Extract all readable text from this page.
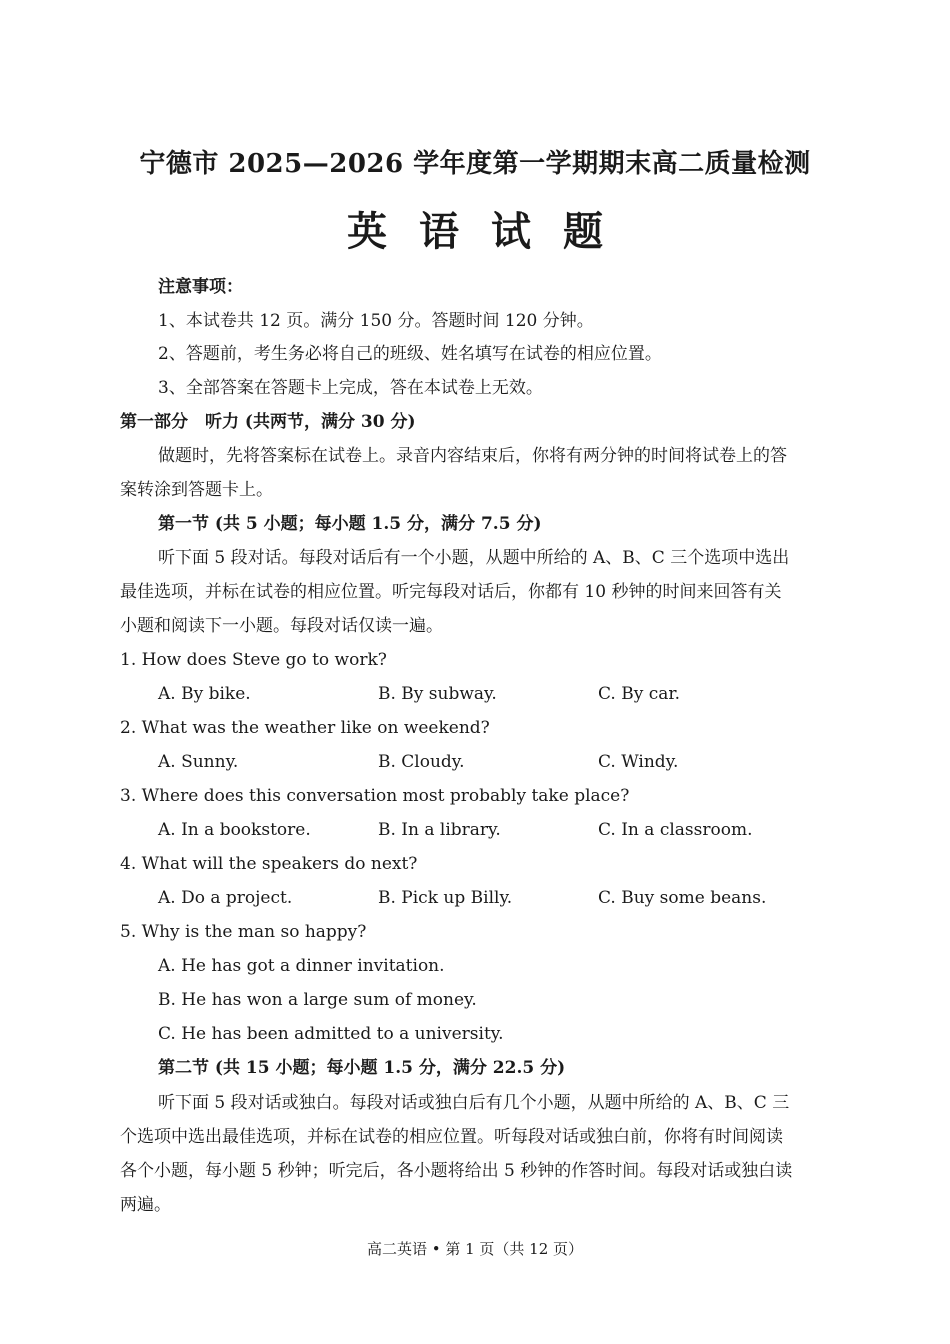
宁德市 2025—2026 学年度第一学期期末高二质量检测
英语试题
注意事项：
1、本试卷共 12 页。满分 150 分。答题时间 120 分钟。
2、答题前，考生务必将自己的班级、姓名填写在试卷的相应位置。
3、全部答案在答题卡上完成，答在本试卷上无效。
第一部分　听力 (共两节，满分 30 分)
做题时，先将答案标在试卷上。录音内容结束后，你将有两分钟的时间将试卷上的答
案转涂到答题卡上。
第一节 (共 5 小题；每小题 1.5 分，满分 7.5 分)
听下面 5 段对话。每段对话后有一个小题，从题中所给的 A、B、C 三个选项中选出
最佳选项，并标在试卷的相应位置。听完每段对话后，你都有 10 秒钟的时间来回答有关
小题和阅读下一小题。每段对话仅读一遍。
1. How does Steve go to work?
A. By bike.	B. By subway.	C. By car.
2. What was the weather like on weekend?
A. Sunny.	B. Cloudy.	C. Windy.
3. Where does this conversation most probably take place?
A. In a bookstore.	B. In a library.	C. In a classroom.
4. What will the speakers do next?
A. Do a project.	B. Pick up Billy.	C. Buy some beans.
5. Why is the man so happy?
A. He has got a dinner invitation.
B. He has won a large sum of money.
C. He has been admitted to a university.
第二节 (共 15 小题；每小题 1.5 分，满分 22.5 分)
听下面 5 段对话或独白。每段对话或独白后有几个小题，从题中所给的 A、B、C 三
个选项中选出最佳选项，并标在试卷的相应位置。听每段对话或独白前，你将有时间阅读
各个小题，每小题 5 秒钟；听完后，各小题将给出 5 秒钟的作答时间。每段对话或独白读
两遍。
高二英语 • 第 1 页（共 12 页）
